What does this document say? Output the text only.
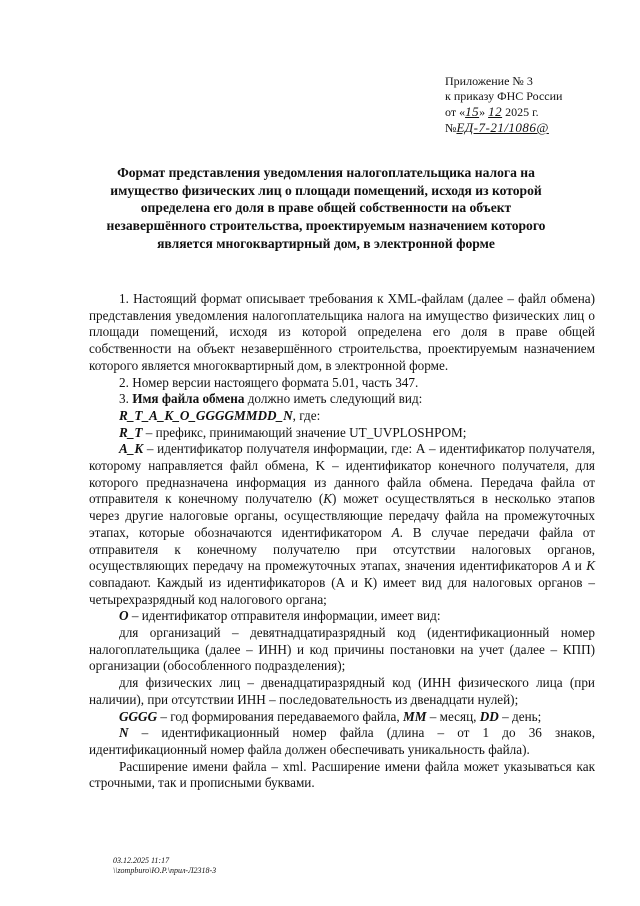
Приложение № 3
к приказу ФНС России
от «15» 12 2025 г.
№ЕД-7-21/1086@
Формат представления уведомления налогоплательщика налога на имущество физических лиц о площади помещений, исходя из которой определена его доля в праве общей собственности на объект незавершённого строительства, проектируемым назначением которого является многоквартирный дом, в электронной форме

1. Настоящий формат описывает требования к XML-файлам (далее – файл обмена) представления уведомления налогоплательщика налога на имущество физических лиц о площади помещений, исходя из которой определена его доля в праве общей собственности на объект незавершённого строительства, проектируемым назначением которого является многоквартирный дом, в электронной форме.

2. Номер версии настоящего формата 5.01, часть 347.

3. Имя файла обмена должно иметь следующий вид:

R_T_A_K_O_GGGGMMDD_N, где:

R_T – префикс, принимающий значение UT_UVPLOSHPOM;

A_K – идентификатор получателя информации, где: А – идентификатор получателя, которому направляется файл обмена, K – идентификатор конечного получателя, для которого предназначена информация из данного файла обмена. Передача файла от отправителя к конечному получателю (К) может осуществляться в несколько этапов через другие налоговые органы, осуществляющие передачу файла на промежуточных этапах, которые обозначаются идентификатором А. В случае передачи файла от отправителя к конечному получателю при отсутствии налоговых органов, осуществляющих передачу на промежуточных этапах, значения идентификаторов А и К совпадают. Каждый из идентификаторов (А и К) имеет вид для налоговых органов – четырехразрядный код налогового органа;

O – идентификатор отправителя информации, имеет вид:

для организаций – девятнадцатиразрядный код (идентификационный номер налогоплательщика (далее – ИНН) и код причины постановки на учет (далее – КПП) организации (обособленного подразделения);

для физических лиц – двенадцатиразрядный код (ИНН физического лица (при наличии), при отсутствии ИНН – последовательность из двенадцати нулей);

GGGG – год формирования передаваемого файла, MM – месяц, DD – день;

N – идентификационный номер файла (длина – от 1 до 36 знаков, идентификационный номер файла должен обеспечивать уникальность файла).

Расширение имени файла – xml. Расширение имени файла может указываться как строчными, так и прописными буквами.

03.12.2025 11:17
\\zompburo\Ю.Р.\прил-Л2318-3
